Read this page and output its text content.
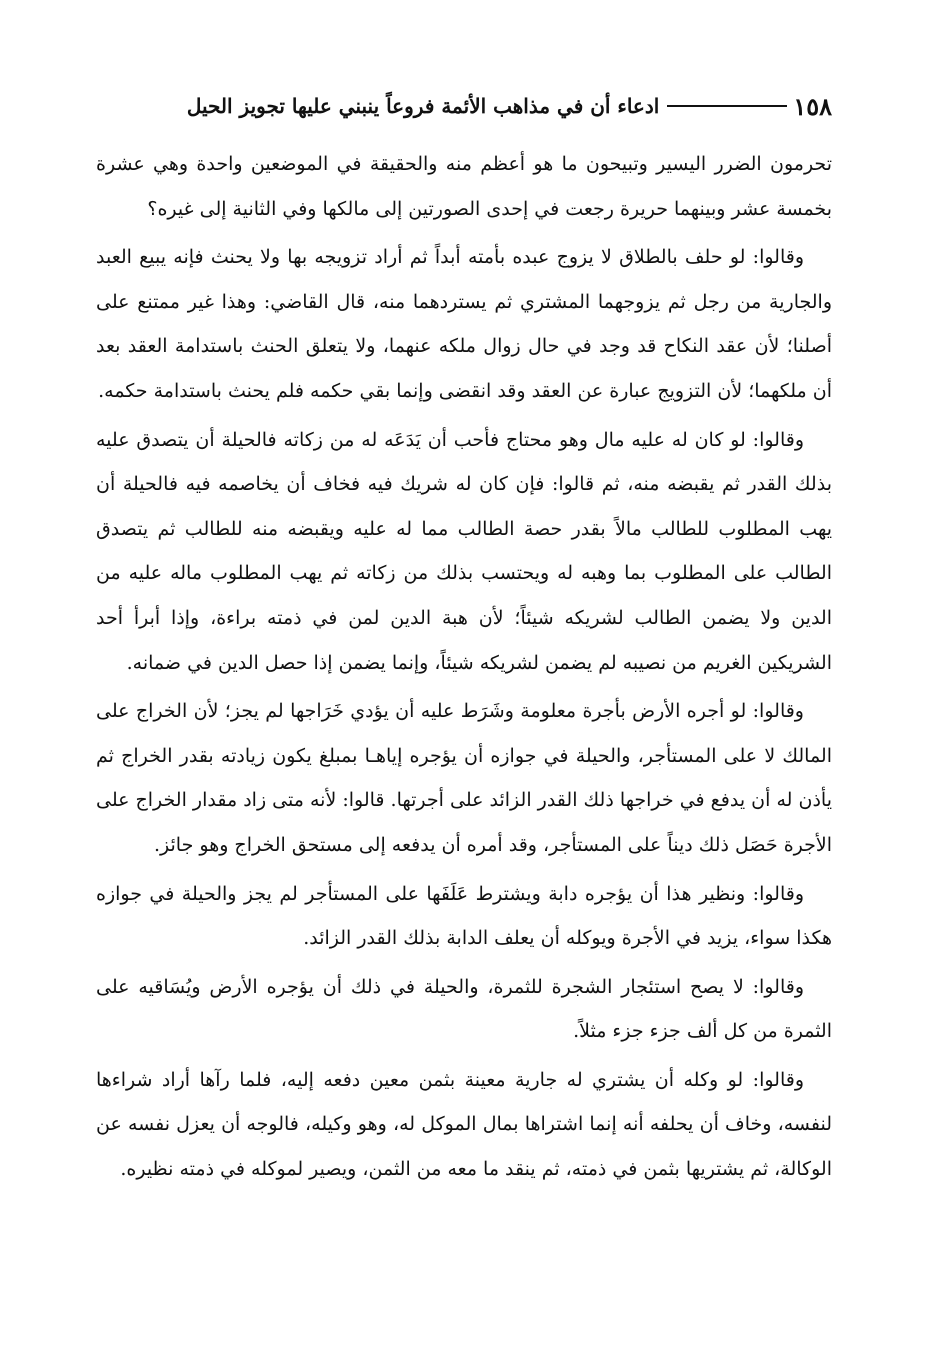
١٥٨
ادعاء أن في مذاهب الأئمة فروعاً ينبني عليها تجويز الحيل

تحرمون الضرر اليسير وتبيحون ما هو أعظم منه والحقيقة في الموضعين واحدة وهي عشرة بخمسة عشر وبينهما حريرة رجعت في إحدى الصورتين إلى مالكها وفي الثانية إلى غيره؟

وقالوا: لو حلف بالطلاق لا يزوج عبده بأمته أبداً ثم أراد تزويجه بها ولا يحنث فإنه يبيع العبد والجارية من رجل ثم يزوجهما المشتري ثم يستردهما منه، قال القاضي: وهذا غير ممتنع على أصلنا؛ لأن عقد النكاح قد وجد في حال زوال ملكه عنهما، ولا يتعلق الحنث باستدامة العقد بعد أن ملكهما؛ لأن التزويج عبارة عن العقد وقد انقضى وإنما بقي حكمه فلم يحنث باستدامة حكمه.

وقالوا: لو كان له عليه مال وهو محتاج فأحب أن يَدَعَه له من زكاته فالحيلة أن يتصدق عليه بذلك القدر ثم يقبضه منه، ثم قالوا: فإن كان له شريك فيه فخاف أن يخاصمه فيه فالحيلة أن يهب المطلوب للطالب مالاً بقدر حصة الطالب مما له عليه ويقبضه منه للطالب ثم يتصدق الطالب على المطلوب بما وهبه له ويحتسب بذلك من زكاته ثم يهب المطلوب ماله عليه من الدين ولا يضمن الطالب لشريكه شيئاً؛ لأن هبة الدين لمن في ذمته براءة، وإذا أبرأ أحد الشريكين الغريم من نصيبه لم يضمن لشريكه شيئاً، وإنما يضمن إذا حصل الدين في ضمانه.

وقالوا: لو أجره الأرض بأجرة معلومة وشَرَط عليه أن يؤدي خَرَاجها لم يجز؛ لأن الخراج على المالك لا على المستأجر، والحيلة في جوازه أن يؤجره إياهـا بمبلغ يكون زيادته بقدر الخراج ثم يأذن له أن يدفع في خراجها ذلك القدر الزائد على أجرتها. قالوا: لأنه متى زاد مقدار الخراج على الأجرة حَصَل ذلك ديناً على المستأجر، وقد أمره أن يدفعه إلى مستحق الخراج وهو جائز.

وقالوا: ونظير هذا أن يؤجره دابة ويشترط عَلَفَها على المستأجر لم يجز والحيلة في جوازه هكذا سواء، يزيد في الأجرة ويوكله أن يعلف الدابة بذلك القدر الزائد.

وقالوا: لا يصح استئجار الشجرة للثمرة، والحيلة في ذلك أن يؤجره الأرض ويُسَاقيه على الثمرة من كل ألف جزء جزء مثلاً.

وقالوا: لو وكله أن يشتري له جارية معينة بثمن معين دفعه إليه، فلما رآها أراد شراءها لنفسه، وخاف أن يحلفه أنه إنما اشتراها بمال الموكل له، وهو وكيله، فالوجه أن يعزل نفسه عن الوكالة، ثم يشتريها بثمن في ذمته، ثم ينقد ما معه من الثمن، ويصير لموكله في ذمته نظيره.
